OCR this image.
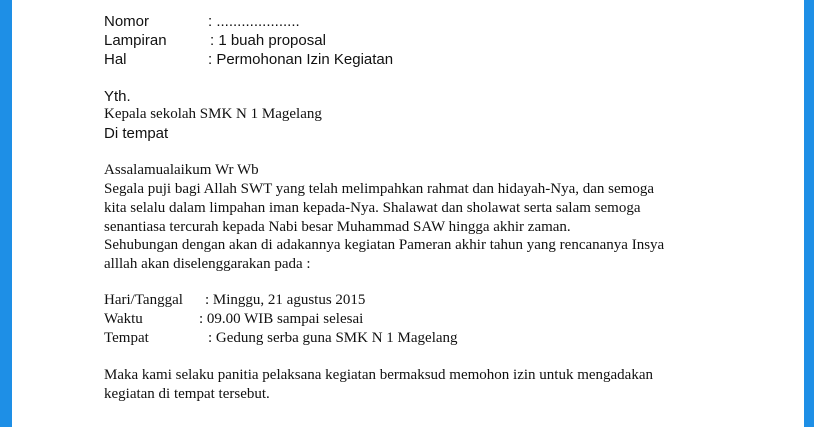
Nomor	: ....................
Lampiran	: 1 buah proposal
Hal	: Permohonan Izin Kegiatan
Yth.
Kepala sekolah SMK N 1 Magelang
Di tempat
Assalamualaikum Wr Wb
Segala puji bagi Allah SWT yang telah melimpahkan rahmat dan hidayah-Nya, dan semoga
kita selalu dalam limpahan iman kepada-Nya. Shalawat dan sholawat serta salam semoga
senantiasa tercurah kepada Nabi besar Muhammad SAW hingga akhir zaman.
Sehubungan dengan akan di adakannya kegiatan Pameran akhir tahun yang rencananya Insya
alllah akan diselenggarakan pada :
Hari/Tanggal : Minggu, 21 agustus 2015
Waktu	: 09.00 WIB sampai selesai
Tempat	: Gedung serba guna SMK N 1 Magelang
Maka kami selaku panitia pelaksana kegiatan bermaksud memohon izin untuk mengadakan
kegiatan di tempat tersebut.
